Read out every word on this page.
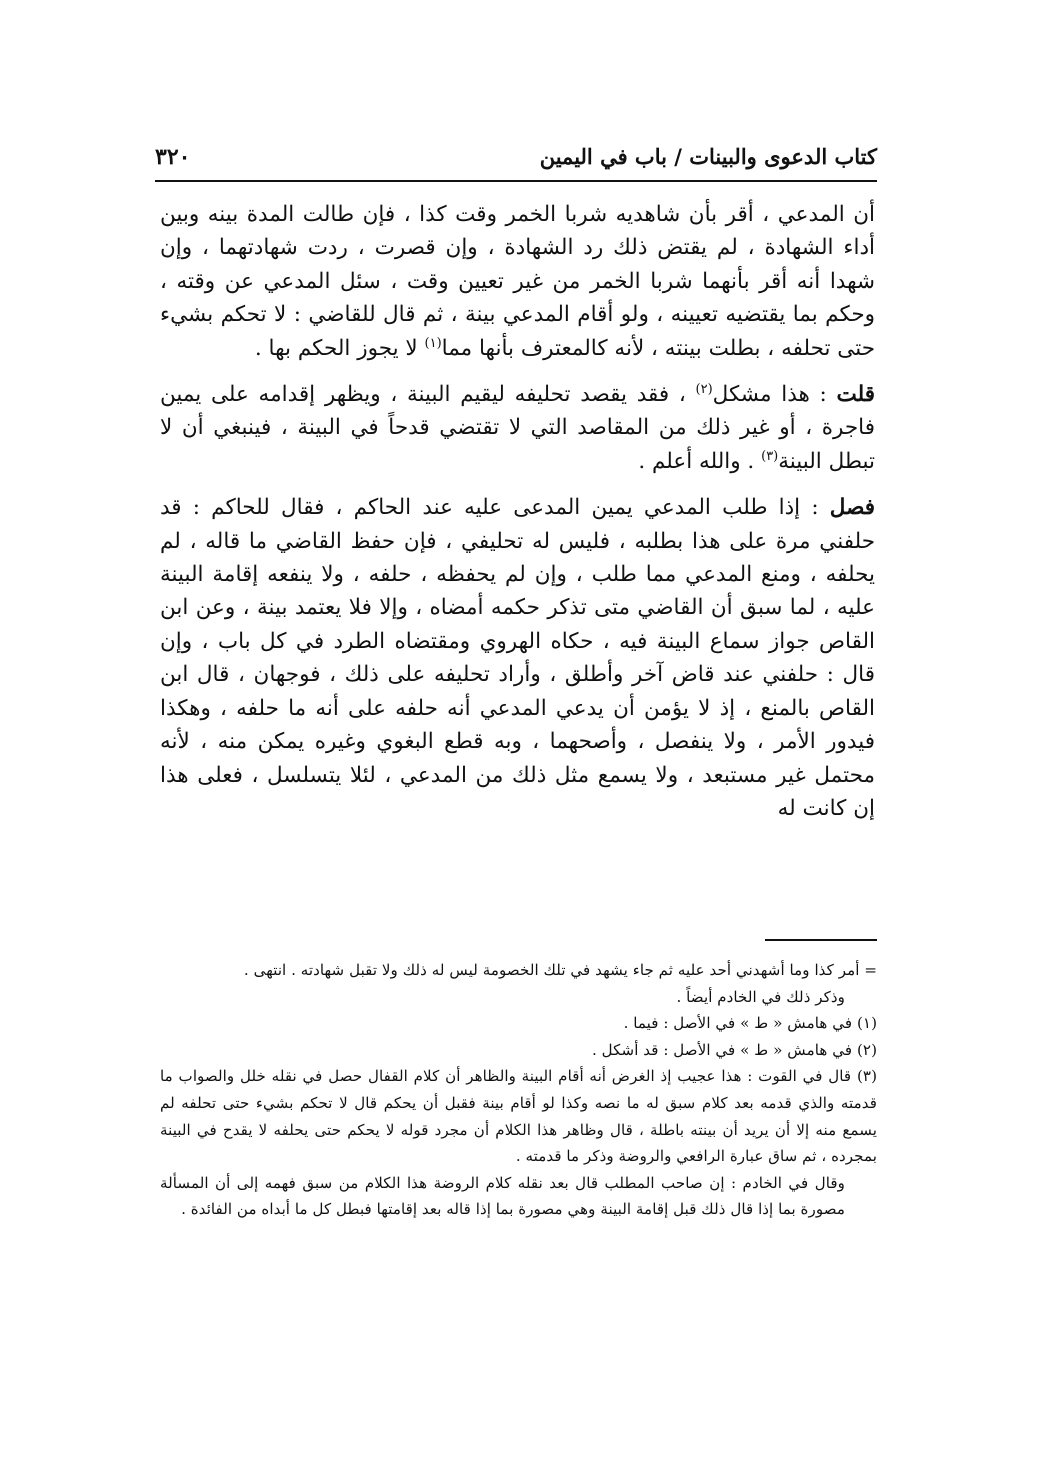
كتاب الدعوى والبينات / باب في اليمين
٣٢٠

أن المدعي ، أقر بأن شاهديه شربا الخمر وقت كذا ، فإن طالت المدة بينه وبين أداء الشهادة ، لم يقتض ذلك رد الشهادة ، وإن قصرت ، ردت شهادتهما ، وإن شهدا أنه أقر بأنهما شربا الخمر من غير تعيين وقت ، سئل المدعي عن وقته ، وحكم بما يقتضيه تعيينه ، ولو أقام المدعي بينة ، ثم قال للقاضي : لا تحكم بشيء حتى تحلفه ، بطلت بينته ، لأنه كالمعترف بأنها مما$^{(١)}$ لا يجوز الحكم بها .

قلت : هذا مشكل$^{(٢)}$ ، فقد يقصد تحليفه ليقيم البينة ، ويظهر إقدامه على يمين فاجرة ، أو غير ذلك من المقاصد التي لا تقتضي قدحاً في البينة ، فينبغي أن لا تبطل البينة$^{(٣)}$ . والله أعلم .

فصل : إذا طلب المدعي يمين المدعى عليه عند الحاكم ، فقال للحاكم : قد حلفني مرة على هذا بطلبه ، فليس له تحليفي ، فإن حفظ القاضي ما قاله ، لم يحلفه ، ومنع المدعي مما طلب ، وإن لم يحفظه ، حلفه ، ولا ينفعه إقامة البينة عليه ، لما سبق أن القاضي متى تذكر حكمه أمضاه ، وإلا فلا يعتمد بينة ، وعن ابن القاص جواز سماع البينة فيه ، حكاه الهروي ومقتضاه الطرد في كل باب ، وإن قال : حلفني عند قاض آخر وأطلق ، وأراد تحليفه على ذلك ، فوجهان ، قال ابن القاص بالمنع ، إذ لا يؤمن أن يدعي المدعي أنه حلفه على أنه ما حلفه ، وهكذا فيدور الأمر ، ولا ينفصل ، وأصحهما ، وبه قطع البغوي وغيره يمكن منه ، لأنه محتمل غير مستبعد ، ولا يسمع مثل ذلك من المدعي ، لئلا يتسلسل ، فعلى هذا إن كانت له

= أمر كذا وما أشهدني أحد عليه ثم جاء يشهد في تلك الخصومة ليس له ذلك ولا تقبل شهادته . انتهى .

وذكر ذلك في الخادم أيضاً .

(١) في هامش « ط » في الأصل : فيما .

(٢) في هامش « ط » في الأصل : قد أشكل .

(٣) قال في القوت : هذا عجيب إذ الغرض أنه أقام البينة والظاهر أن كلام القفال حصل في نقله خلل والصواب ما قدمته والذي قدمه بعد كلام سبق له ما نصه وكذا لو أقام بينة فقبل أن يحكم قال لا تحكم بشيء حتى تحلفه لم يسمع منه إلا أن يريد أن بينته باطلة ، قال وظاهر هذا الكلام أن مجرد قوله لا يحكم حتى يحلفه لا يقدح في البينة بمجرده ، ثم ساق عبارة الرافعي والروضة وذكر ما قدمته .

وقال في الخادم : إن صاحب المطلب قال بعد نقله كلام الروضة هذا الكلام من سبق فهمه إلى أن المسألة مصورة بما إذا قال ذلك قبل إقامة البينة وهي مصورة بما إذا قاله بعد إقامتها فبطل كل ما أبداه من الفائدة .
